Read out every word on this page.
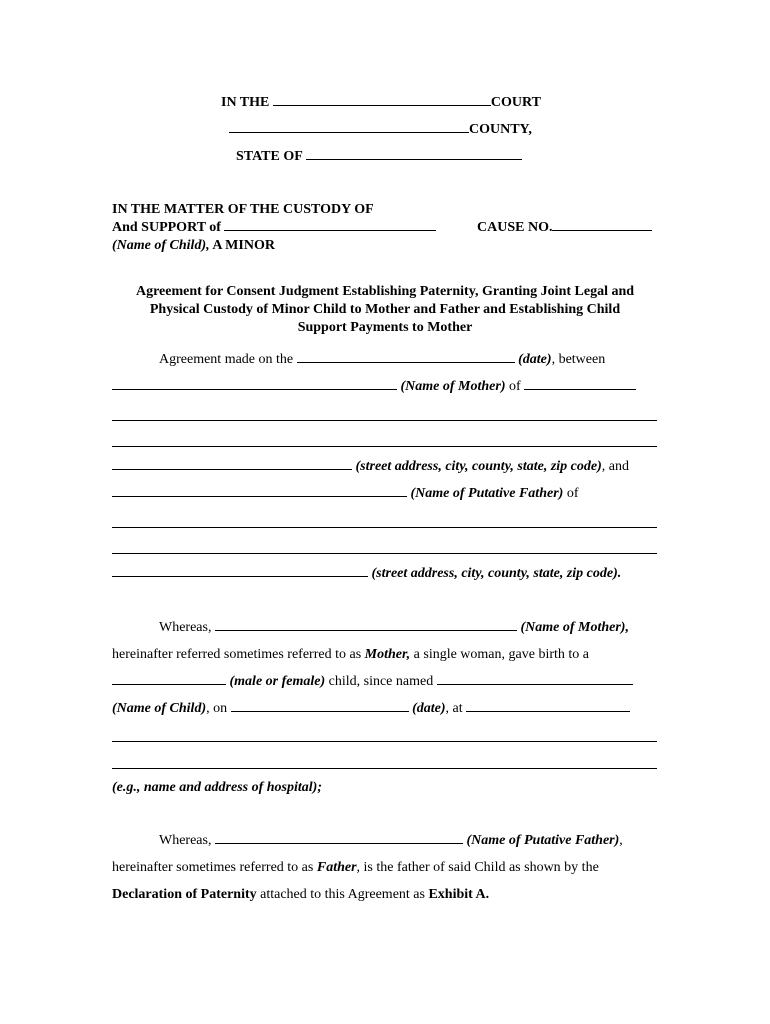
IN THE	COURT
COUNTY,
STATE OF
IN THE MATTER OF THE CUSTODY OF
And SUPPORT of	CAUSE NO.
(Name of Child), A MINOR
Agreement for Consent Judgment Establishing Paternity, Granting Joint Legal and
Physical Custody of Minor Child to Mother and Father and Establishing Child
Support Payments to Mother
Agreement made on the	(date), between
(Name of Mother) of
(street address, city, county, state, zip code), and
(Name of Putative Father) of
(street address, city, county, state, zip code).
Whereas,	(Name of Mother),
hereinafter referred sometimes referred to as Mother, a single woman, gave birth to a
(male or female) child, since named
(Name of Child), on	(date), at
(e.g., name and address of hospital);
Whereas,	(Name of Putative Father),
hereinafter sometimes referred to as Father, is the father of said Child as shown by the
Declaration of Paternity attached to this Agreement as Exhibit A.
